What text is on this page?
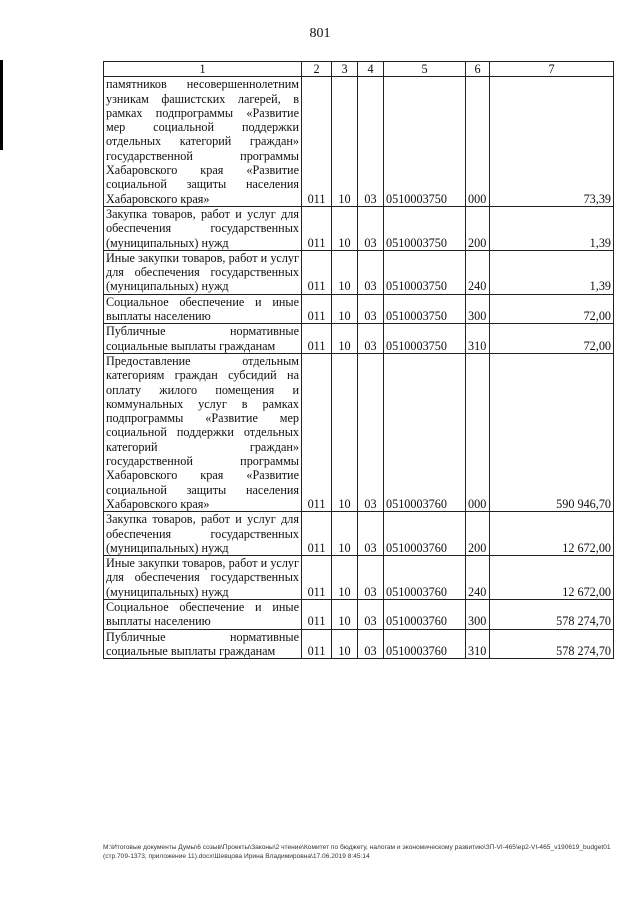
801
1	2	3	4	5	6	7
памятников несовершеннолетним узникам фашистских лагерей, в рамках подпрограммы «Развитие мер социальной поддержки отдельных категорий граждан» государственной программы Хабаровского края «Развитие социальной защиты населения Хабаровского края»	011	10	03	0510003750	000	73,39
Закупка товаров, работ и услуг для обеспечения государственных (муниципальных) нужд	011	10	03	0510003750	200	1,39
Иные закупки товаров, работ и услуг для обеспечения государственных (муниципальных) нужд	011	10	03	0510003750	240	1,39
Социальное обеспечение и иные выплаты населению	011	10	03	0510003750	300	72,00
Публичные нормативные социальные выплаты гражданам	011	10	03	0510003750	310	72,00
Предоставление отдельным категориям граждан субсидий на оплату жилого помещения и коммунальных услуг в рамках подпрограммы «Развитие мер социальной поддержки отдельных категорий граждан» государственной программы Хабаровского края «Развитие социальной защиты населения Хабаровского края»	011	10	03	0510003760	000	590 946,70
Закупка товаров, работ и услуг для обеспечения государственных (муниципальных) нужд	011	10	03	0510003760	200	12 672,00
Иные закупки товаров, работ и услуг для обеспечения государственных (муниципальных) нужд	011	10	03	0510003760	240	12 672,00
Социальное обеспечение и иные выплаты населению	011	10	03	0510003760	300	578 274,70
Публичные нормативные социальные выплаты гражданам	011	10	03	0510003760	310	578 274,70
M:\Итоговые документы Думы\6 созыв\Проекты\Законы\2 чтение\Комитет по бюджету, налогам и экономическому развитию\ЗП-VI-465\ep2-VI-465_v190619_budget01 (стр.709-1373, приложение 11).docx\Шевцова Ирина Владимировна\17.06.2019 8:45:14
